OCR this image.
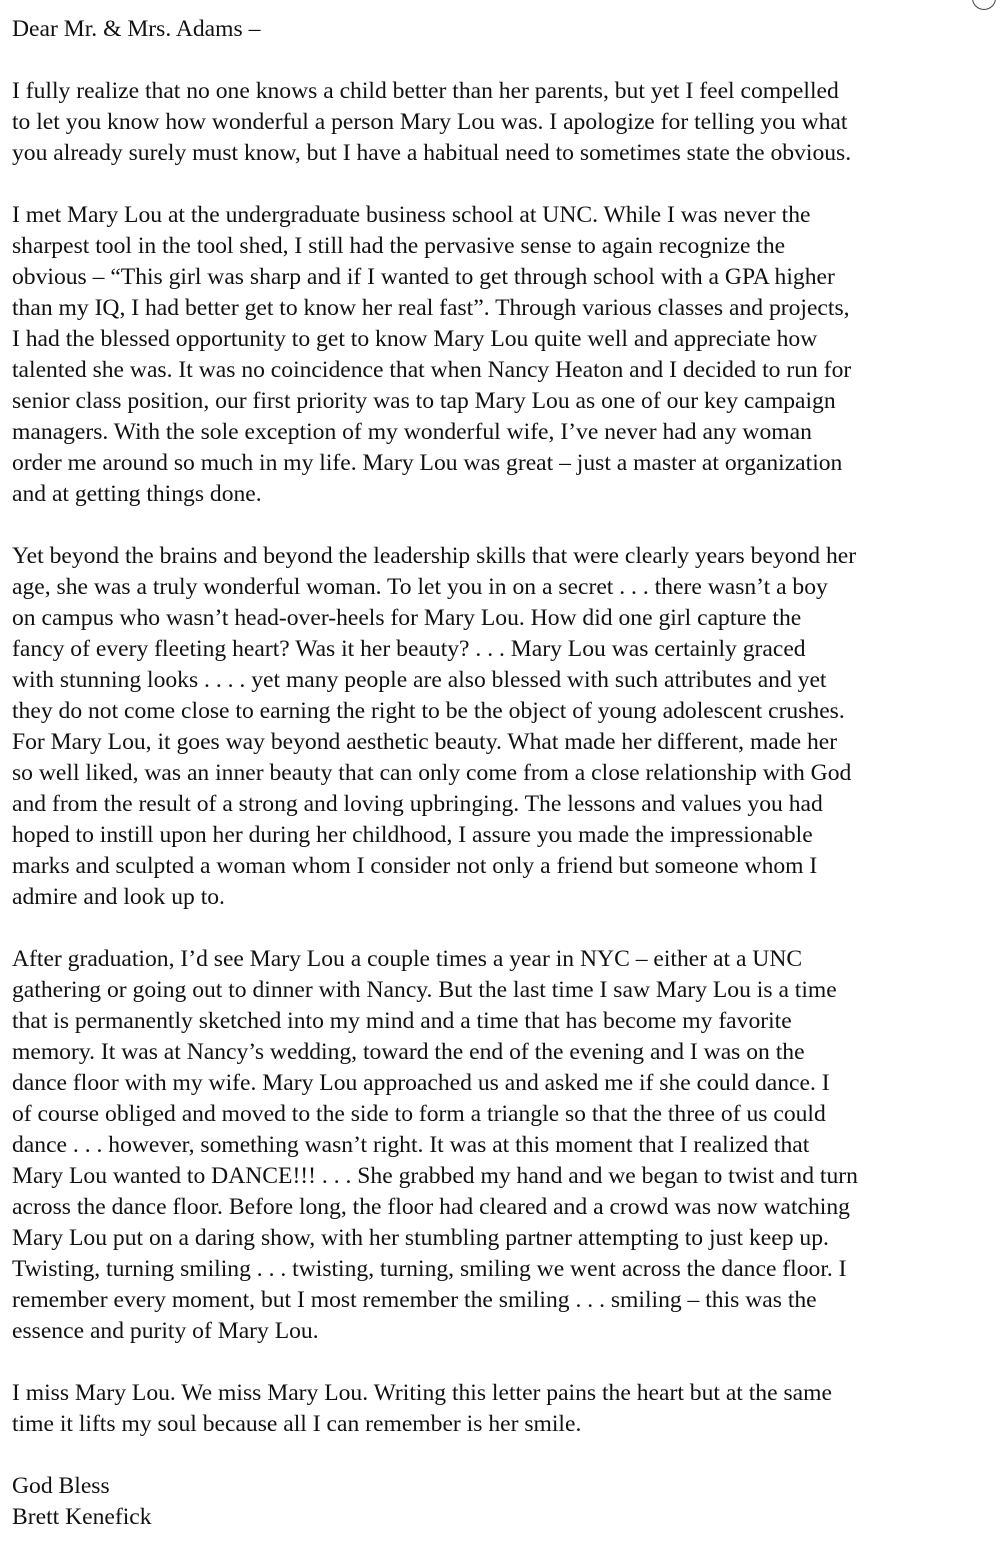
Dear Mr. & Mrs. Adams –

I fully realize that no one knows a child better than her parents, but yet I feel compelled
to let you know how wonderful a person Mary Lou was. I apologize for telling you what
you already surely must know, but I have a habitual need to sometimes state the obvious.

I met Mary Lou at the undergraduate business school at UNC. While I was never the
sharpest tool in the tool shed, I still had the pervasive sense to again recognize the
obvious – “This girl was sharp and if I wanted to get through school with a GPA higher
than my IQ, I had better get to know her real fast”. Through various classes and projects,
I had the blessed opportunity to get to know Mary Lou quite well and appreciate how
talented she was. It was no coincidence that when Nancy Heaton and I decided to run for
senior class position, our first priority was to tap Mary Lou as one of our key campaign
managers. With the sole exception of my wonderful wife, I’ve never had any woman
order me around so much in my life. Mary Lou was great – just a master at organization
and at getting things done.

Yet beyond the brains and beyond the leadership skills that were clearly years beyond her
age, she was a truly wonderful woman. To let you in on a secret . . . there wasn’t a boy
on campus who wasn’t head-over-heels for Mary Lou. How did one girl capture the
fancy of every fleeting heart? Was it her beauty? . . . Mary Lou was certainly graced
with stunning looks . . . . yet many people are also blessed with such attributes and yet
they do not come close to earning the right to be the object of young adolescent crushes.
For Mary Lou, it goes way beyond aesthetic beauty. What made her different, made her
so well liked, was an inner beauty that can only come from a close relationship with God
and from the result of a strong and loving upbringing. The lessons and values you had
hoped to instill upon her during her childhood, I assure you made the impressionable
marks and sculpted a woman whom I consider not only a friend but someone whom I
admire and look up to.

After graduation, I’d see Mary Lou a couple times a year in NYC – either at a UNC
gathering or going out to dinner with Nancy. But the last time I saw Mary Lou is a time
that is permanently sketched into my mind and a time that has become my favorite
memory. It was at Nancy’s wedding, toward the end of the evening and I was on the
dance floor with my wife. Mary Lou approached us and asked me if she could dance. I
of course obliged and moved to the side to form a triangle so that the three of us could
dance . . . however, something wasn’t right. It was at this moment that I realized that
Mary Lou wanted to DANCE!!! . . . She grabbed my hand and we began to twist and turn
across the dance floor. Before long, the floor had cleared and a crowd was now watching
Mary Lou put on a daring show, with her stumbling partner attempting to just keep up.
Twisting, turning smiling . . . twisting, turning, smiling we went across the dance floor. I
remember every moment, but I most remember the smiling . . . smiling – this was the
essence and purity of Mary Lou.

I miss Mary Lou. We miss Mary Lou. Writing this letter pains the heart but at the same
time it lifts my soul because all I can remember is her smile.

God Bless
Brett Kenefick
